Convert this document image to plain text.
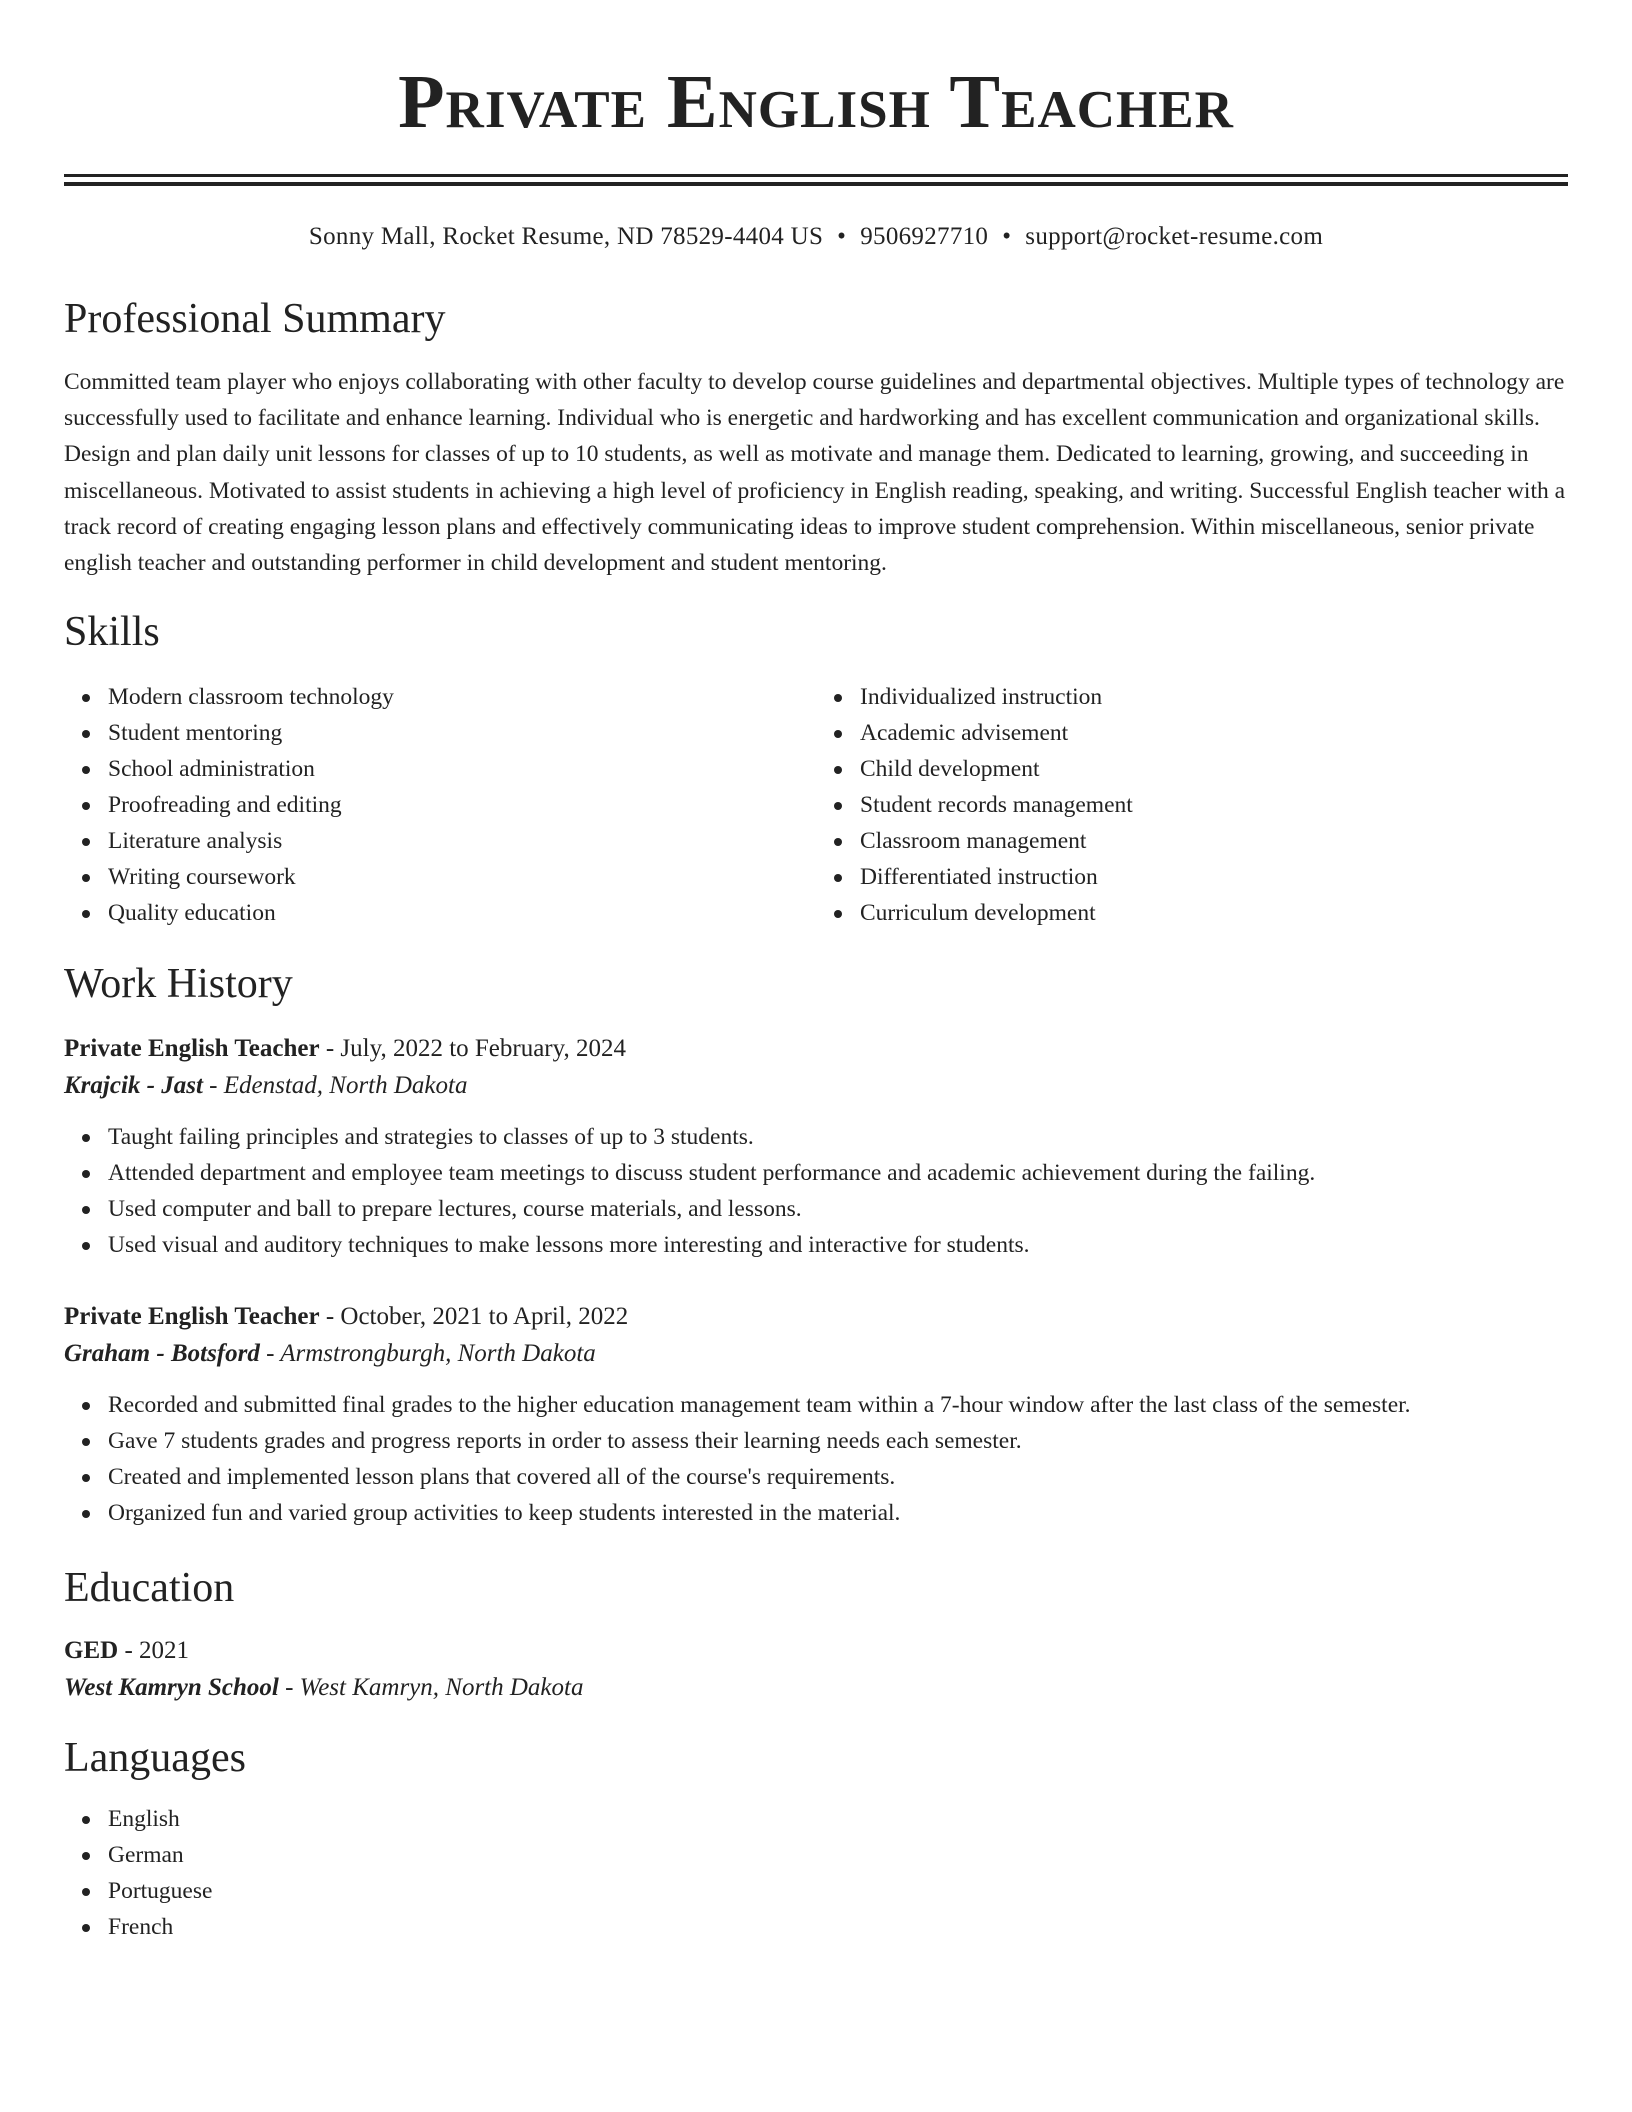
Private English Teacher
Sonny Mall, Rocket Resume, ND 78529-4404 US • 9506927710 • support@rocket-resume.com
Professional Summary

Committed team player who enjoys collaborating with other faculty to develop course guidelines and departmental objectives. Multiple types of technology are successfully used to facilitate and enhance learning. Individual who is energetic and hardworking and has excellent communication and organizational skills. Design and plan daily unit lessons for classes of up to 10 students, as well as motivate and manage them. Dedicated to learning, growing, and succeeding in miscellaneous. Motivated to assist students in achieving a high level of proficiency in English reading, speaking, and writing. Successful English teacher with a track record of creating engaging lesson plans and effectively communicating ideas to improve student comprehension. Within miscellaneous, senior private english teacher and outstanding performer in child development and student mentoring.

Skills
Modern classroom technology
Student mentoring
School administration
Proofreading and editing
Literature analysis
Writing coursework
Quality education
Individualized instruction
Academic advisement
Child development
Student records management
Classroom management
Differentiated instruction
Curriculum development
Work History
Private English Teacher - July, 2022 to February, 2024
Krajcik - Jast - Edenstad, North Dakota
Taught failing principles and strategies to classes of up to 3 students.
Attended department and employee team meetings to discuss student performance and academic achievement during the failing.
Used computer and ball to prepare lectures, course materials, and lessons.
Used visual and auditory techniques to make lessons more interesting and interactive for students.
Private English Teacher - October, 2021 to April, 2022
Graham - Botsford - Armstrongburgh, North Dakota
Recorded and submitted final grades to the higher education management team within a 7-hour window after the last class of the semester.
Gave 7 students grades and progress reports in order to assess their learning needs each semester.
Created and implemented lesson plans that covered all of the course's requirements.
Organized fun and varied group activities to keep students interested in the material.
Education
GED - 2021
West Kamryn School - West Kamryn, North Dakota
Languages
English
German
Portuguese
French
